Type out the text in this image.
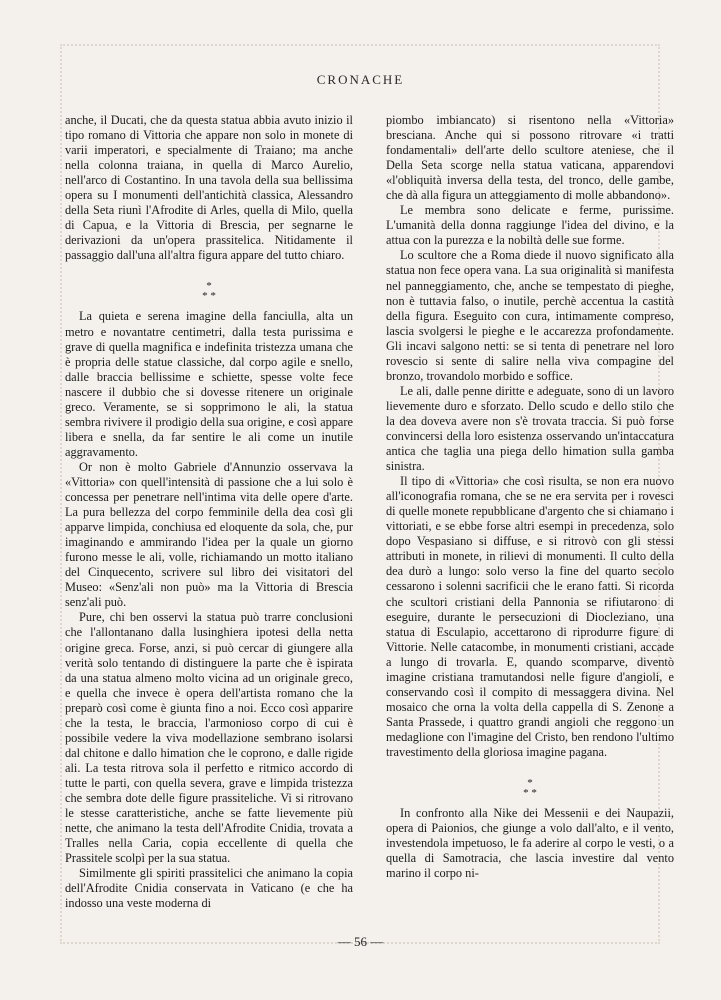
CRONACHE

anche, il Ducati, che da questa statua abbia avuto inizio il tipo romano di Vittoria che appare non solo in monete di varii imperatori, e specialmente di Traiano; ma anche nella colonna traiana, in quella di Marco Aurelio, nell'arco di Costantino. In una tavola della sua bellissima opera su I monumenti dell'antichità classica, Alessandro della Seta riunì l'Afrodite di Arles, quella di Milo, quella di Capua, e la Vittoria di Brescia, per segnarne le derivazioni da un'opera prassitelica. Nitidamente il passaggio dall'una all'altra figura appare del tutto chiaro.

*
* *

La quieta e serena imagine della fanciulla, alta un metro e novantatre centimetri, dalla testa purissima e grave di quella magnifica e indefinita tristezza umana che è propria delle statue classiche, dal corpo agile e snello, dalle braccia bellissime e schiette, spesse volte fece nascere il dubbio che si dovesse ritenere un originale greco. Veramente, se si sopprimono le ali, la statua sembra rivivere il prodigio della sua origine, e così appare libera e snella, da far sentire le ali come un inutile aggravamento.

Or non è molto Gabriele d'Annunzio osservava la «Vittoria» con quell'intensità di passione che a lui solo è concessa per penetrare nell'intima vita delle opere d'arte. La pura bellezza del corpo femminile della dea così gli apparve limpida, conchiusa ed eloquente da sola, che, pur imaginando e ammirando l'idea per la quale un giorno furono messe le ali, volle, richiamando un motto italiano del Cinquecento, scrivere sul libro dei visitatori del Museo: «Senz'ali non può» ma la Vittoria di Brescia senz'ali può.

Pure, chi ben osservi la statua può trarre conclusioni che l'allontanano dalla lusinghiera ipotesi della netta origine greca. Forse, anzi, si può cercar di giungere alla verità solo tentando di distinguere la parte che è ispirata da una statua almeno molto vicina ad un originale greco, e quella che invece è opera dell'artista romano che la preparò così come è giunta fino a noi. Ecco così apparire che la testa, le braccia, l'armonioso corpo di cui è possibile vedere la viva modellazione sembrano isolarsi dal chitone e dallo himation che le coprono, e dalle rigide ali. La testa ritrova sola il perfetto e ritmico accordo di tutte le parti, con quella severa, grave e limpida tristezza che sembra dote delle figure prassiteliche. Vi si ritrovano le stesse caratteristiche, anche se fatte lievemente più nette, che animano la testa dell'Afrodite Cnidia, trovata a Tralles nella Caria, copia eccellente di quella che Prassitele scolpì per la sua statua.

Similmente gli spiriti prassitelici che animano la copia dell'Afrodite Cnidia conservata in Vaticano (e che ha indosso una veste moderna di

piombo imbiancato) si risentono nella «Vittoria» bresciana. Anche qui si possono ritrovare «i tratti fondamentali» dell'arte dello scultore ateniese, che il Della Seta scorge nella statua vaticana, apparendovi «l'obliquità inversa della testa, del tronco, delle gambe, che dà alla figura un atteggiamento di molle abbandono».

Le membra sono delicate e ferme, purissime. L'umanità della donna raggiunge l'idea del divino, e la attua con la purezza e la nobiltà delle sue forme.

Lo scultore che a Roma diede il nuovo significato alla statua non fece opera vana. La sua originalità si manifesta nel panneggiamento, che, anche se tempestato di pieghe, non è tuttavia falso, o inutile, perchè accentua la castità della figura. Eseguito con cura, intimamente compreso, lascia svolgersi le pieghe e le accarezza profondamente. Gli incavi salgono netti: se si tenta di penetrare nel loro rovescio si sente di salire nella viva compagine del bronzo, trovandolo morbido e soffice.

Le ali, dalle penne diritte e adeguate, sono di un lavoro lievemente duro e sforzato. Dello scudo e dello stilo che la dea doveva avere non s'è trovata traccia. Si può forse convincersi della loro esistenza osservando un'intaccatura antica che taglia una piega dello himation sulla gamba sinistra.

Il tipo di «Vittoria» che così risulta, se non era nuovo all'iconografia romana, che se ne era servita per i rovesci di quelle monete repubblicane d'argento che si chiamano i vittoriati, e se ebbe forse altri esempi in precedenza, solo dopo Vespasiano si diffuse, e si ritrovò con gli stessi attributi in monete, in rilievi di monumenti. Il culto della dea durò a lungo: solo verso la fine del quarto secolo cessarono i solenni sacrificii che le erano fatti. Si ricorda che scultori cristiani della Pannonia se rifiutarono di eseguire, durante le persecuzioni di Diocleziano, una statua di Esculapio, accettarono di riprodurre figure di Vittorie. Nelle catacombe, in monumenti cristiani, accade a lungo di trovarla. E, quando scomparve, diventò imagine cristiana tramutandosi nelle figure d'angioli, e conservando così il compito di messaggera divina. Nel mosaico che orna la volta della cappella di S. Zenone a Santa Prassede, i quattro grandi angioli che reggono un medaglione con l'imagine del Cristo, ben rendono l'ultimo travestimento della gloriosa imagine pagana.

*
* *

In confronto alla Nike dei Messenii e dei Naupazii, opera di Paionios, che giunge a volo dall'alto, e il vento, investendola impetuoso, le fa aderire al corpo le vesti, o a quella di Samotracia, che lascia investire dal vento marino il corpo ni-

— 56 —
